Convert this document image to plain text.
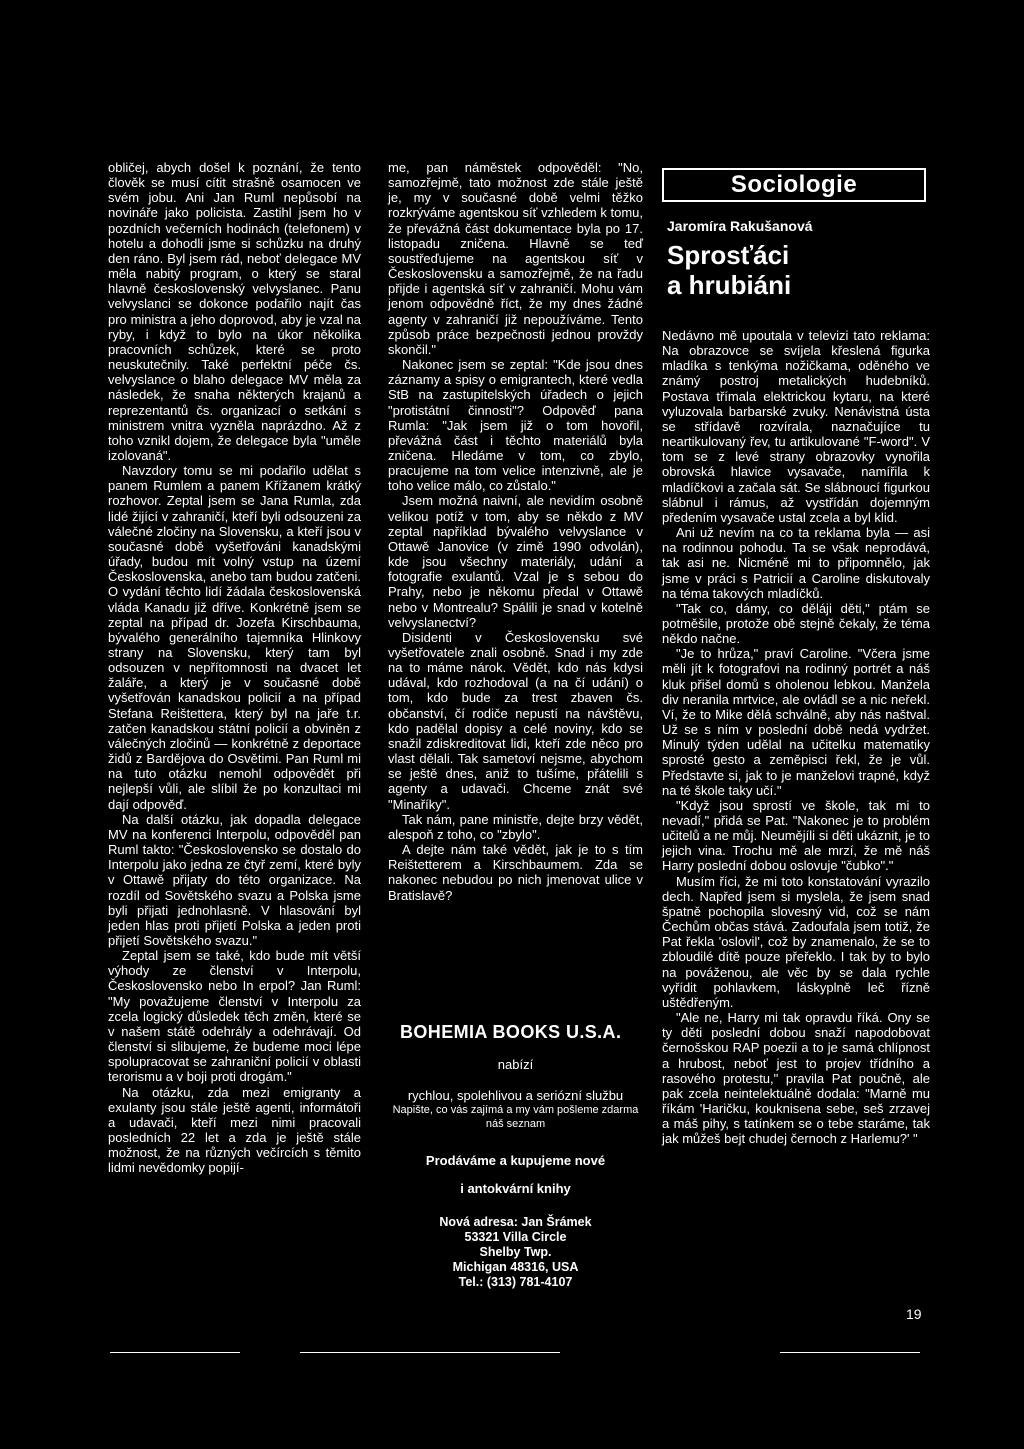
obličej, abych došel k poznání, že tento člověk se musí cítit strašně osamocen ve svém jobu. Ani Jan Ruml nepůsobí na novináře jako policista. Zastihl jsem ho v pozdních večerních hodinách (telefonem) v hotelu a dohodli jsme si schůzku na druhý den ráno. Byl jsem rád, neboť delegace MV měla nabitý program, o který se staral hlavně československý velvyslanec. Panu velvyslanci se dokonce podařilo najít čas pro ministra a jeho doprovod, aby je vzal na ryby, i když to bylo na úkor několika pracovních schůzek, které se proto neuskutečnily. Také perfektní péče čs. velvyslance o blaho delegace MV měla za následek, že snaha některých krajanů a reprezentantů čs. organizací o setkání s ministrem vnitra vyzněla naprázdno. Až z toho vznikl dojem, že delegace byla "uměle izolovaná".

Navzdory tomu se mi podařilo udělat s panem Rumlem a panem Křížanem krátký rozhovor. Zeptal jsem se Jana Rumla, zda lidé žijící v zahraničí, kteří byli odsouzeni za válečné zločiny na Slovensku, a kteří jsou v současné době vyšetřováni kanadskými úřady, budou mít volný vstup na území Československa, anebo tam budou zatčeni. O vydání těchto lidí žádala československá vláda Kanadu již dříve. Konkrétně jsem se zeptal na případ dr. Jozefa Kirschbauma, bývalého generálního tajemníka Hlinkovy strany na Slovensku, který tam byl odsouzen v nepřítomnosti na dvacet let žaláře, a který je v současné době vyšetřován kanadskou policií a na případ Stefana Reištettera, který byl na jaře t.r. zatčen kanadskou státní policií a obviněn z válečných zločinů — konkrétně z deportace židů z Bardějova do Osvětimi. Pan Ruml mi na tuto otázku nemohl odpovědět při nejlepší vůli, ale slíbil že po konzultaci mi dají odpověď.

Na další otázku, jak dopadla delegace MV na konferenci Interpolu, odpověděl pan Ruml takto: "Československo se dostalo do Interpolu jako jedna ze čtyř zemí, které byly v Ottawě přijaty do této organizace. Na rozdíl od Sovětského svazu a Polska jsme byli přijati jednohlasně. V hlasování byl jeden hlas proti přijetí Polska a jeden proti přijetí Sovětského svazu."

Zeptal jsem se také, kdo bude mít větší výhody ze členství v Interpolu, Československo nebo In erpol? Jan Ruml: "My považujeme členství v Interpolu za zcela logický důsledek těch změn, které se v našem státě odehrály a odehrávají. Od členství si slibujeme, že budeme moci lépe spolupracovat se zahraniční policií v oblasti terorismu a v boji proti drogám."

Na otázku, zda mezi emigranty a exulanty jsou stále ještě agenti, informátoři a udavači, kteří mezi nimi pracovali posledních 22 let a zda je ještě stále možnost, že na různých večírcích s těmito lidmi nevědomky popijí-

me, pan náměstek odpověděl: "No, samozřejmě, tato možnost zde stále ještě je, my v současné době velmi těžko rozkrýváme agentskou síť vzhledem k tomu, že převážná část dokumentace byla po 17. listopadu zničena. Hlavně se teď soustřeďujeme na agentskou síť v Československu a samozřejmě, že na řadu přijde i agentská síť v zahraničí. Mohu vám jenom odpovědně říct, že my dnes žádné agenty v zahraničí již nepoužíváme. Tento způsob práce bezpečnosti jednou provždy skončil."

Nakonec jsem se zeptal: "Kde jsou dnes záznamy a spisy o emigrantech, které vedla StB na zastupitelských úřadech o jejich "protistátní činnosti"? Odpověď pana Rumla: "Jak jsem již o tom hovořil, převážná část i těchto materiálů byla zničena. Hledáme v tom, co zbylo, pracujeme na tom velice intenzivně, ale je toho velice málo, co zůstalo."

Jsem možná naivní, ale nevidím osobně velikou potíž v tom, aby se někdo z MV zeptal například bývalého velvyslance v Ottawě Janovice (v zimě 1990 odvolán), kde jsou všechny materiály, udání a fotografie exulantů. Vzal je s sebou do Prahy, nebo je někomu předal v Ottawě nebo v Montrealu? Spálili je snad v kotelně velvyslanectví?

Disidenti v Československu své vyšetřovatele znali osobně. Snad i my zde na to máme nárok. Vědět, kdo nás kdysi udával, kdo rozhodoval (a na čí udání) o tom, kdo bude za trest zbaven čs. občanství, čí rodiče nepustí na návštěvu, kdo padělal dopisy a celé noviny, kdo se snažil zdiskreditovat lidi, kteří zde něco pro vlast dělali. Tak sametoví nejsme, abychom se ještě dnes, aniž to tušíme, přátelili s agenty a udavači. Chceme znát své "Minaříky".

Tak nám, pane ministře, dejte brzy vědět, alespoň z toho, co "zbylo".

A dejte nám také vědět, jak je to s tím Reištetterem a Kirschbaumem. Zda se nakonec nebudou po nich jmenovat ulice v Bratislavě?

BOHEMIA BOOKS U.S.A.
nabízí
rychlou, spolehlivou a seriózní službu
Napište, co vás zajímá a my vám pošleme zdarma náš seznam
Prodáváme a kupujeme nové
i antokvární knihy
Nová adresa: Jan Šrámek
53321 Villa Circle
Shelby Twp.
Michigan 48316, USA
Tel.: (313) 781-4107
Sociologie
Jaromíra Rakušanová
Sprosťáci
a hrubiáni

Nedávno mě upoutala v televizi tato reklama: Na obrazovce se svíjela křeslená figurka mladíka s tenkýma nožičkama, oděného ve známý postroj metalických hudebníků. Postava třímala elektrickou kytaru, na které vyluzovala barbarské zvuky. Nenávistná ústa se střídavě rozvírala, naznačujíce tu neartikulovaný řev, tu artikulované "F-word". V tom se z levé strany obrazovky vynořila obrovská hlavice vysavače, namířila k mladíčkovi a začala sát. Se slábnoucí figurkou slábnul i rámus, až vystřídán dojemným předením vysavače ustal zcela a byl klid.

Ani už nevím na co ta reklama byla — asi na rodinnou pohodu. Ta se však neprodává, tak asi ne. Nicméně mi to připomnělo, jak jsme v práci s Patricií a Caroline diskutovaly na téma takových mladíčků.

"Tak co, dámy, co děláji děti," ptám se potměšile, protože obě stejně čekaly, že téma někdo načne.

"Je to hrůza," praví Caroline. "Včera jsme měli jít k fotografovi na rodinný portrét a náš kluk přišel domů s oholenou lebkou. Manžela div neranila mrtvice, ale ovládl se a nic neřekl. Ví, že to Mike dělá schválně, aby nás naštval. Už se s ním v poslední době nedá vydržet. Minulý týden udělal na učitelku matematiky sprosté gesto a zeměpisci řekl, že je vůl. Představte si, jak to je manželovi trapné, když na té škole taky učí."

"Když jsou sprostí ve škole, tak mi to nevadí," přidá se Pat. "Nakonec je to problém učitelů a ne můj. Neumějíli si děti ukáznit, je to jejich vina. Trochu mě ale mrzí, že mě náš Harry poslední dobou oslovuje "čubko"."

Musím říci, že mi toto konstatování vyrazilo dech. Napřed jsem si myslela, že jsem snad špatně pochopila slovesný vid, což se nám Čechům občas stává. Zadoufala jsem totiž, že Pat řekla 'oslovil', což by znamenalo, že se to zbloudilé dítě pouze přeřeklo. I tak by to bylo na pováženou, ale věc by se dala rychle vyřídit pohlavkem, láskyplně leč řízně uštědřeným.

"Ale ne, Harry mi tak opravdu říká. Ony se ty děti poslední dobou snaží napodobovat černošskou RAP poezii a to je samá chlípnost a hrubost, neboť jest to projev třídního a rasového protestu," pravila Pat poučně, ale pak zcela neintelektuálně dodala: "Marně mu říkám 'Haričku, kouknisena sebe, seš zrzavej a máš pihy, s tatínkem se o tebe staráme, tak jak můžeš bejt chudej černoch z Harlemu?' "

19
